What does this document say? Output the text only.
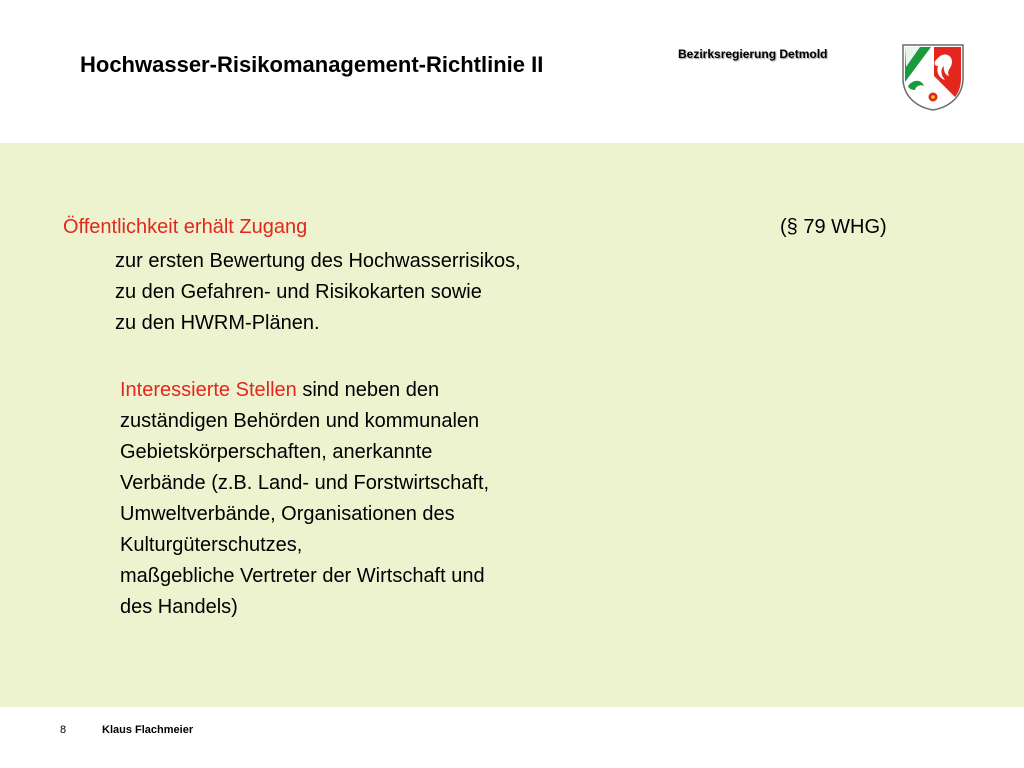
Hochwasser-Risikomanagement-Richtlinie II	Bezirksregierung Detmold
Öffentlichkeit erhält Zugang	(§ 79 WHG)
zur ersten Bewertung des Hochwasserrisikos,
zu den Gefahren- und Risikokarten sowie
zu den HWRM-Plänen.

Interessierte Stellen sind neben den
zuständigen Behörden und kommunalen
Gebietskörperschaften, anerkannte
Verbände (z.B. Land- und Forstwirtschaft,
Umweltverbände, Organisationen des
Kulturgüterschutzes,
maßgebliche Vertreter der Wirtschaft und
des Handels)

8	Klaus Flachmeier
